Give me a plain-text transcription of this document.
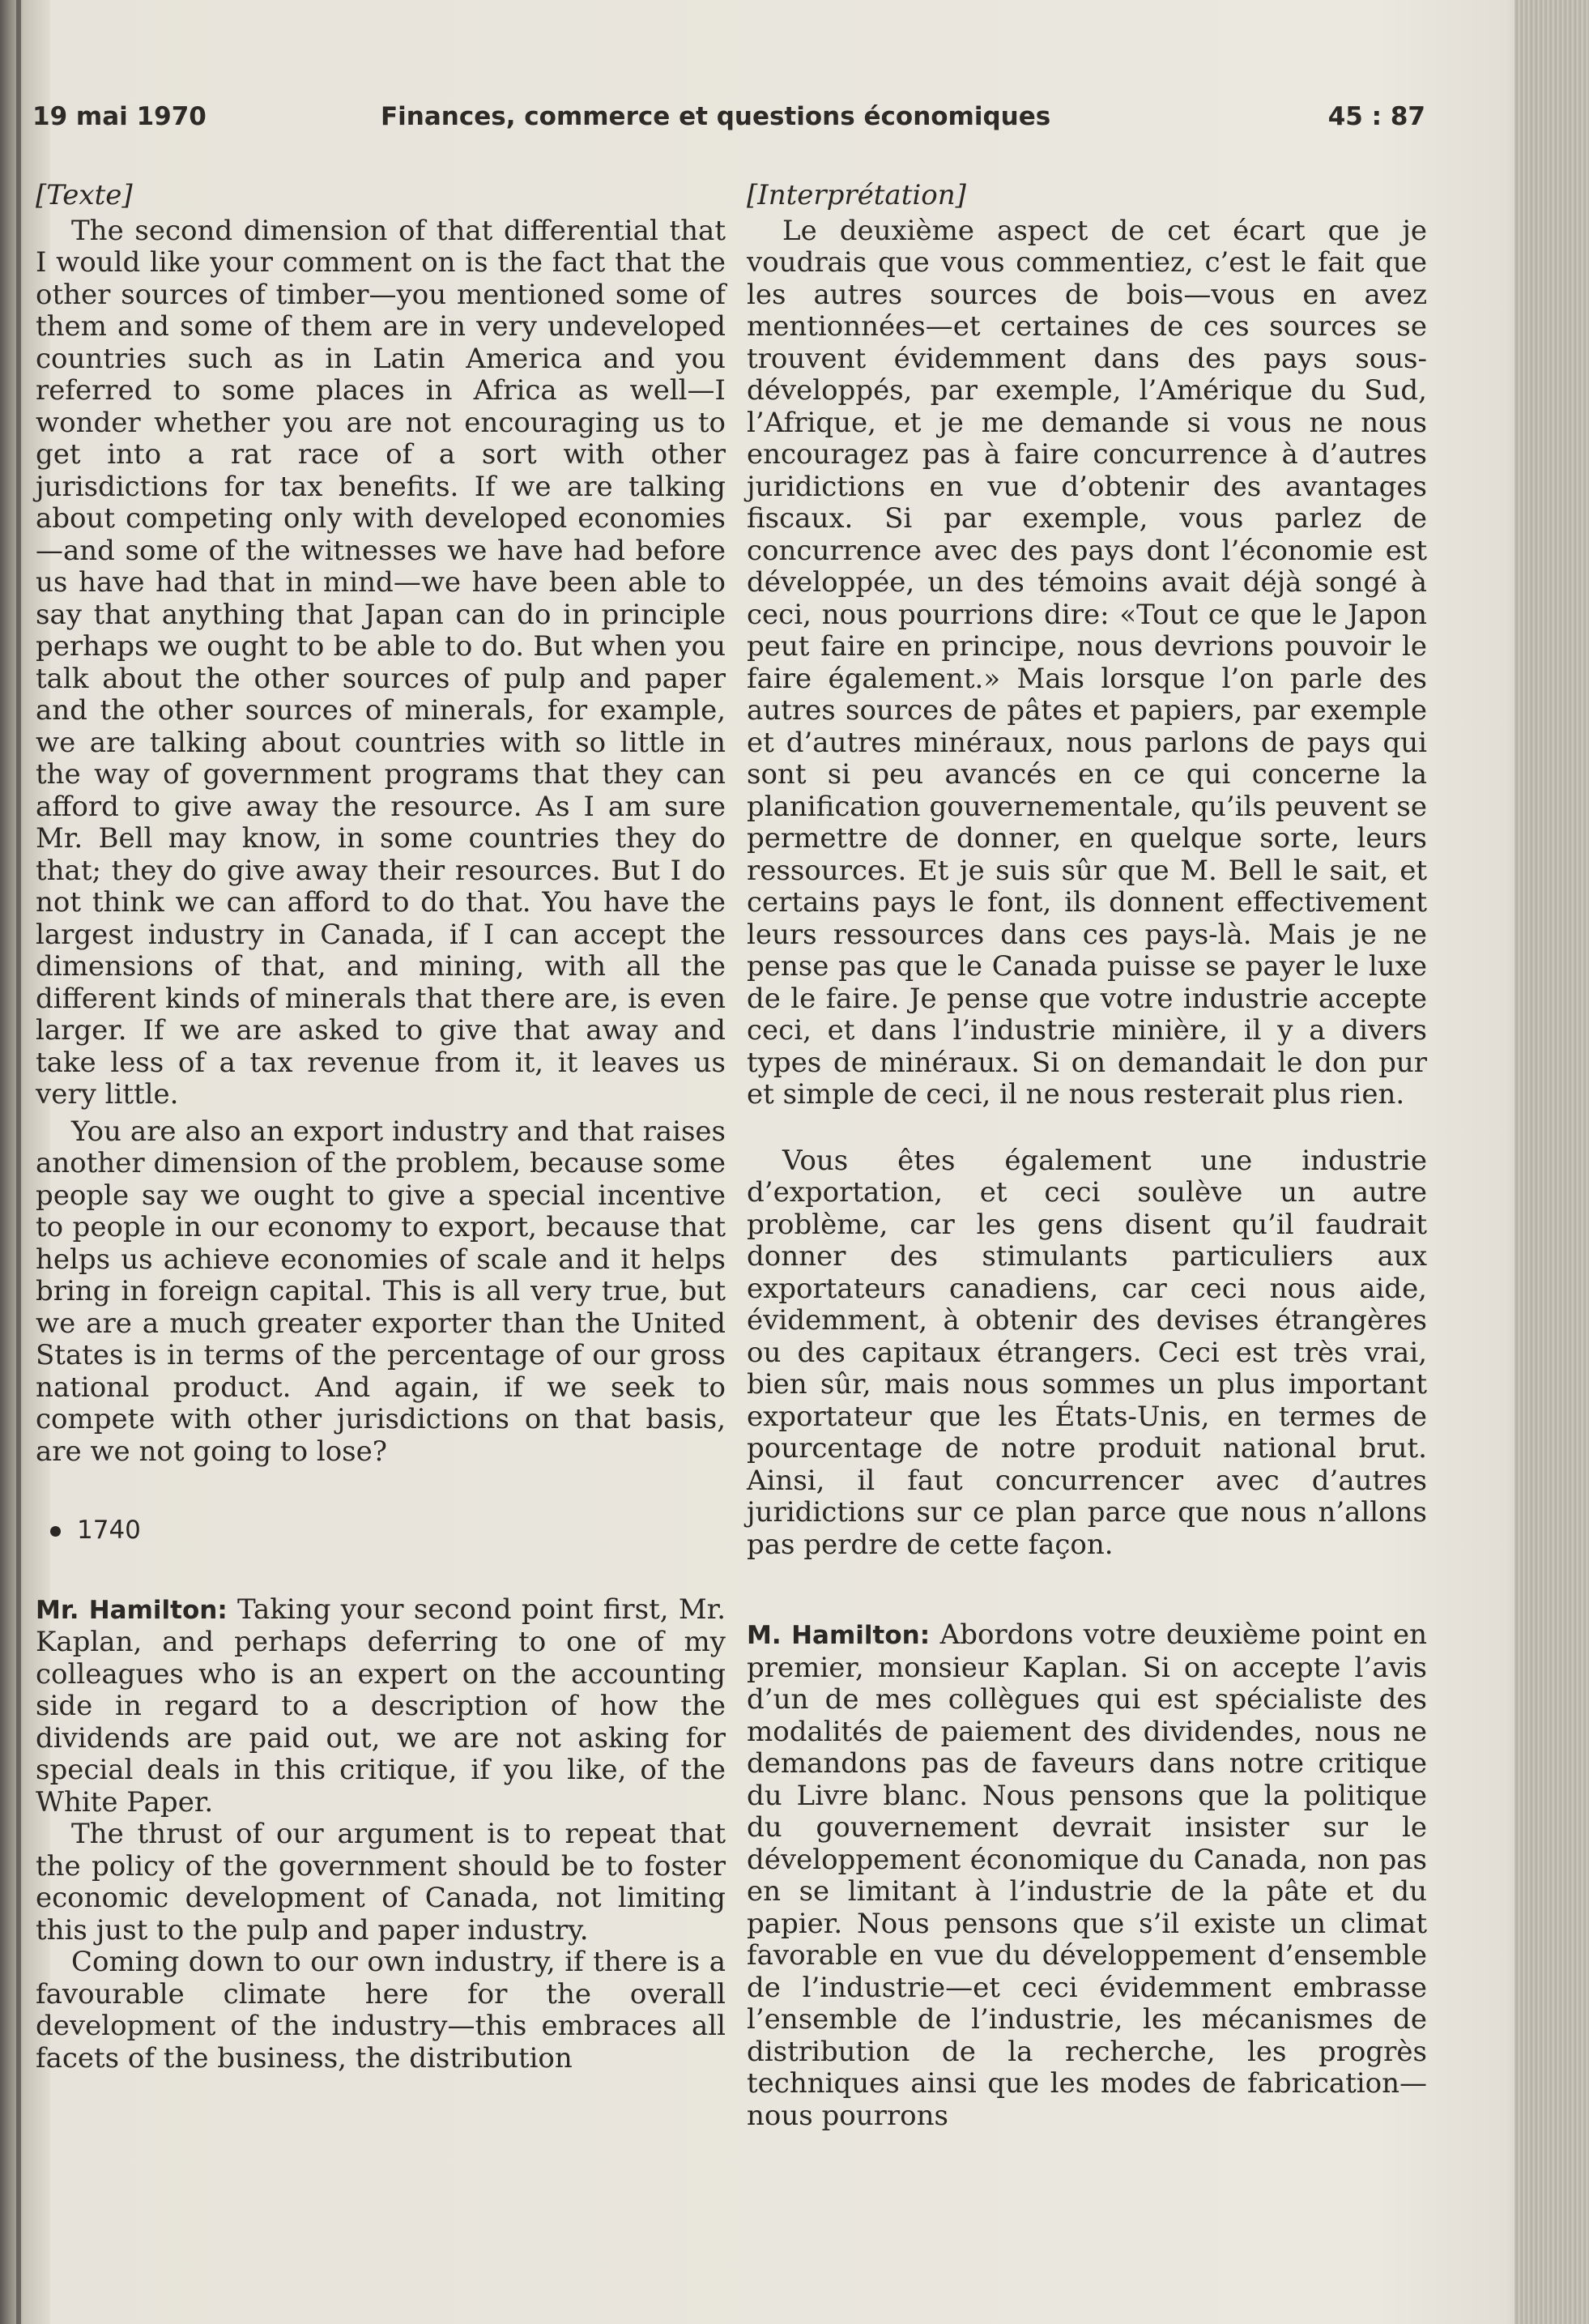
19 mai 1970	Finances, commerce et questions économiques	45 : 87

[Texte]

The second dimension of that differential that I would like your comment on is the fact that the other sources of timber—you mentioned some of them and some of them are in very undeveloped countries such as in Latin America and you referred to some places in Africa as well—I wonder whether you are not encouraging us to get into a rat race of a sort with other jurisdictions for tax benefits. If we are talking about competing only with developed economies—and some of the witnesses we have had before us have had that in mind—we have been able to say that anything that Japan can do in principle perhaps we ought to be able to do. But when you talk about the other sources of pulp and paper and the other sources of minerals, for example, we are talking about countries with so little in the way of government programs that they can afford to give away the resource. As I am sure Mr. Bell may know, in some countries they do that; they do give away their resources. But I do not think we can afford to do that. You have the largest industry in Canada, if I can accept the dimensions of that, and mining, with all the different kinds of minerals that there are, is even larger. If we are asked to give that away and take less of a tax revenue from it, it leaves us very little.

You are also an export industry and that raises another dimension of the problem, because some people say we ought to give a special incentive to people in our economy to export, because that helps us achieve economies of scale and it helps bring in foreign capital. This is all very true, but we are a much greater exporter than the United States is in terms of the percentage of our gross national product. And again, if we seek to compete with other jurisdictions on that basis, are we not going to lose?

1740

Mr. Hamilton: Taking your second point first, Mr. Kaplan, and perhaps deferring to one of my colleagues who is an expert on the accounting side in regard to a description of how the dividends are paid out, we are not asking for special deals in this critique, if you like, of the White Paper.

The thrust of our argument is to repeat that the policy of the government should be to foster economic development of Canada, not limiting this just to the pulp and paper industry.

Coming down to our own industry, if there is a favourable climate here for the overall development of the industry—this embraces all facets of the business, the distribution

[Interprétation]

Le deuxième aspect de cet écart que je voudrais que vous commentiez, c’est le fait que les autres sources de bois—vous en avez mentionnées—et certaines de ces sources se trouvent évidemment dans des pays sous-développés, par exemple, l’Amérique du Sud, l’Afrique, et je me demande si vous ne nous encouragez pas à faire concurrence à d’autres juridictions en vue d’obtenir des avantages fiscaux. Si par exemple, vous parlez de concurrence avec des pays dont l’économie est développée, un des témoins avait déjà songé à ceci, nous pourrions dire: «Tout ce que le Japon peut faire en principe, nous devrions pouvoir le faire également.» Mais lorsque l’on parle des autres sources de pâtes et papiers, par exemple et d’autres minéraux, nous parlons de pays qui sont si peu avancés en ce qui concerne la planification gouvernementale, qu’ils peuvent se permettre de donner, en quelque sorte, leurs ressources. Et je suis sûr que M. Bell le sait, et certains pays le font, ils donnent effectivement leurs ressources dans ces pays-là. Mais je ne pense pas que le Canada puisse se payer le luxe de le faire. Je pense que votre industrie accepte ceci, et dans l’industrie minière, il y a divers types de minéraux. Si on demandait le don pur et simple de ceci, il ne nous resterait plus rien.

Vous êtes également une industrie d’exportation, et ceci soulève un autre problème, car les gens disent qu’il faudrait donner des stimulants particuliers aux exportateurs canadiens, car ceci nous aide, évidemment, à obtenir des devises étrangères ou des capitaux étrangers. Ceci est très vrai, bien sûr, mais nous sommes un plus important exportateur que les États-Unis, en termes de pourcentage de notre produit national brut. Ainsi, il faut concurrencer avec d’autres juridictions sur ce plan parce que nous n’allons pas perdre de cette façon.

M. Hamilton: Abordons votre deuxième point en premier, monsieur Kaplan. Si on accepte l’avis d’un de mes collègues qui est spécialiste des modalités de paiement des dividendes, nous ne demandons pas de faveurs dans notre critique du Livre blanc. Nous pensons que la politique du gouvernement devrait insister sur le développement économique du Canada, non pas en se limitant à l’industrie de la pâte et du papier. Nous pensons que s’il existe un climat favorable en vue du développement d’ensemble de l’industrie—et ceci évidemment embrasse l’ensemble de l’industrie, les mécanismes de distribution de la recherche, les progrès techniques ainsi que les modes de fabrication—nous pourrons
